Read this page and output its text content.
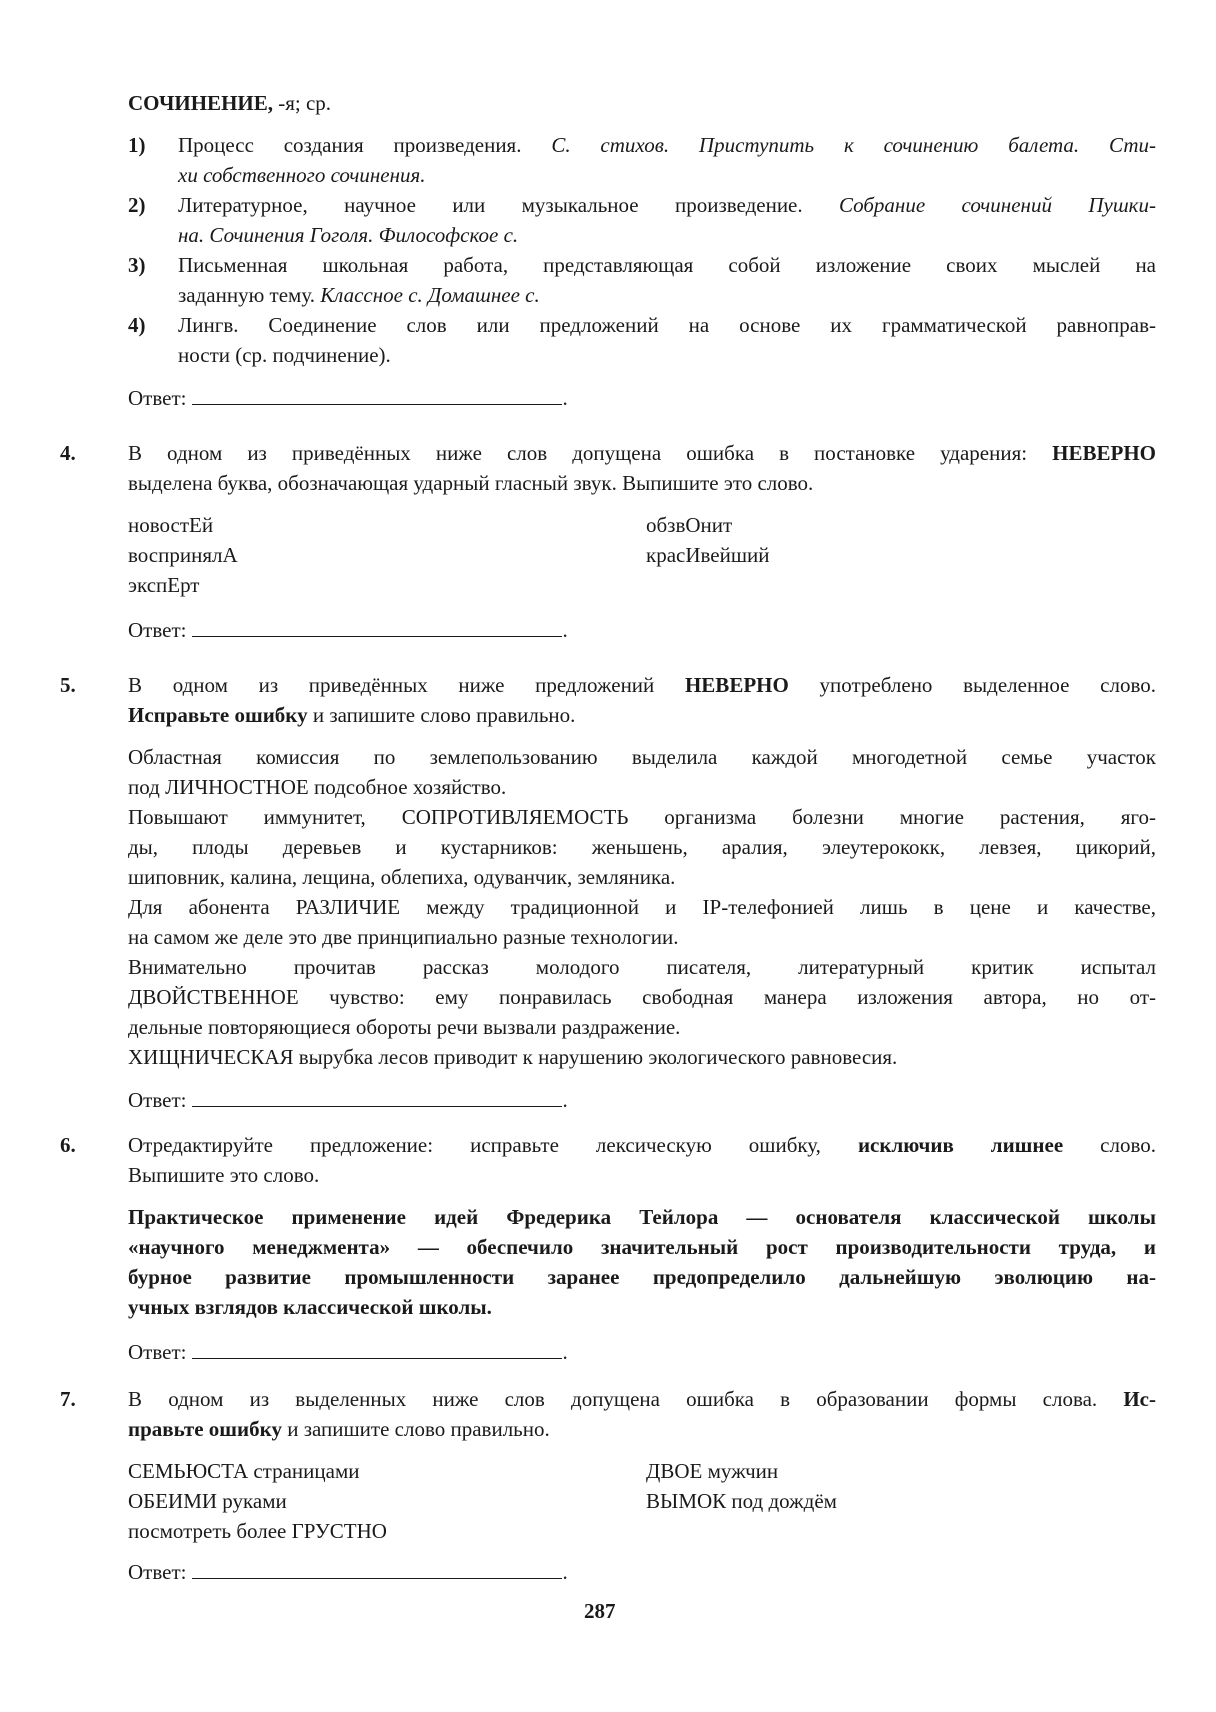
СОЧИНЕНИЕ, -я; ср.
1) Процесс создания произведения. С. стихов. Приступить к сочинению балета. Сти-
хи собственного сочинения.
2) Литературное, научное или музыкальное произведение. Собрание сочинений Пушки-
на. Сочинения Гоголя. Философское с.
3) Письменная школьная работа, представляющая собой изложение своих мыслей на
заданную тему. Классное с. Домашнее с.
4) Лингв. Соединение слов или предложений на основе их грамматической равноправ-
ности (ср. подчинение).
Ответ:	.
4. В одном из приведённых ниже слов допущена ошибка в постановке ударения: НЕВЕРНО
выделена буква, обозначающая ударный гласный звук. Выпишите это слово.
новостЕй
воспринялА
экспЕрт
обзвОнит
красИвейший
Ответ:	.
5. В одном из приведённых ниже предложений НЕВЕРНО употреблено выделенное слово.
Исправьте ошибку и запишите слово правильно.
Областная комиссия по землепользованию выделила каждой многодетной семье участок
под ЛИЧНОСТНОЕ подсобное хозяйство.
Повышают иммунитет, СОПРОТИВЛЯЕМОСТЬ организма болезни многие растения, яго-
ды, плоды деревьев и кустарников: женьшень, аралия, элеутерококк, левзея, цикорий,
шиповник, калина, лещина, облепиха, одуванчик, земляника.
Для абонента РАЗЛИЧИЕ между традиционной и IP-телефонией лишь в цене и качестве,
на самом же деле это две принципиально разные технологии.
Внимательно прочитав рассказ молодого писателя, литературный критик испытал
ДВОЙСТВЕННОЕ чувство: ему понравилась свободная манера изложения автора, но от-
дельные повторяющиеся обороты речи вызвали раздражение.
ХИЩНИЧЕСКАЯ вырубка лесов приводит к нарушению экологического равновесия.
Ответ:	.
6. Отредактируйте предложение: исправьте лексическую ошибку, исключив лишнее слово.
Выпишите это слово.
Практическое применение идей Фредерика Тейлора — основателя классической школы
«научного менеджмента» — обеспечило значительный рост производительности труда, и
бурное развитие промышленности заранее предопределило дальнейшую эволюцию на-
учных взглядов классической школы.
Ответ:	.
7. В одном из выделенных ниже слов допущена ошибка в образовании формы слова. Ис-
правьте ошибку и запишите слово правильно.
СЕМЬЮСТА страницами
ОБЕИМИ руками
посмотреть более ГРУСТНО
ДВОЕ мужчин
ВЫМОК под дождём
Ответ:	.
287
